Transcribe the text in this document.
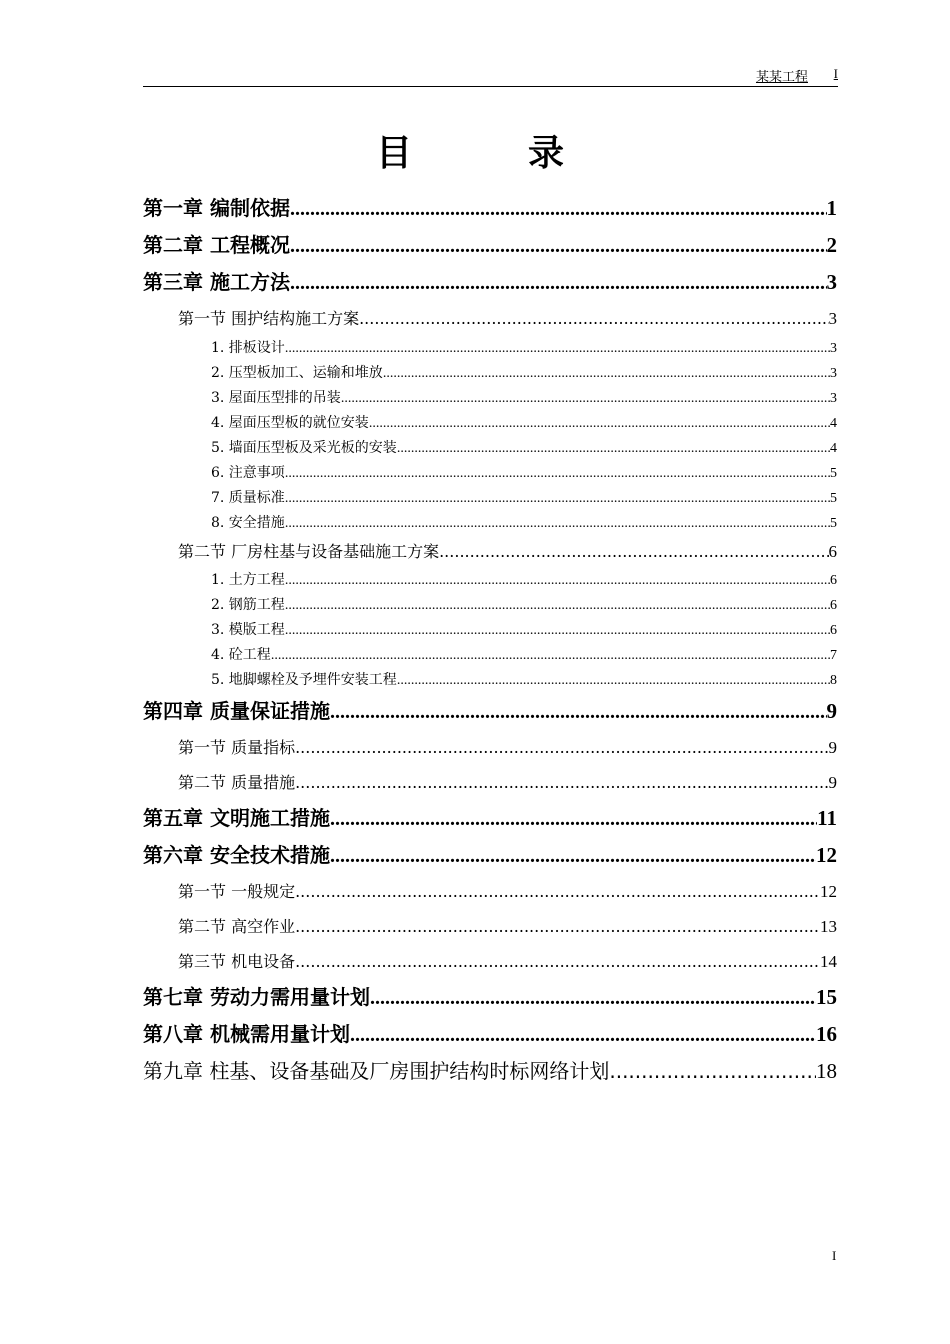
某某工程 I
目　录
第一章 编制依据 .....	1
第二章 工程概况 .....	2
第三章 施工方法 .....	3
第一节 围护结构施工方案 .....	3
1. 排板设计 .....	3
2. 压型板加工、运输和堆放 .....	3
3. 屋面压型排的吊装 .....	3
4. 屋面压型板的就位安装 .....	4
5. 墙面压型板及采光板的安装 .....	4
6. 注意事项 .....	5
7. 质量标准 .....	5
8. 安全措施 .....	5
第二节 厂房柱基与设备基础施工方案 .....	6
1. 土方工程 .....	6
2. 钢筋工程 .....	6
3. 模版工程 .....	6
4. 砼工程 .....	7
5. 地脚螺栓及予埋件安装工程 .....	8
第四章 质量保证措施 .....	9
第一节 质量指标 .....	9
第二节 质量措施 .....	9
第五章 文明施工措施 .....	11
第六章 安全技术措施 .....	12
第一节 一般规定 .....	12
第二节 高空作业 .....	13
第三节 机电设备 .....	14
第七章 劳动力需用量计划 .....	15
第八章 机械需用量计划 .....	16
第九章 柱基、设备基础及厂房围护结构时标网络计划 .....	18
I
